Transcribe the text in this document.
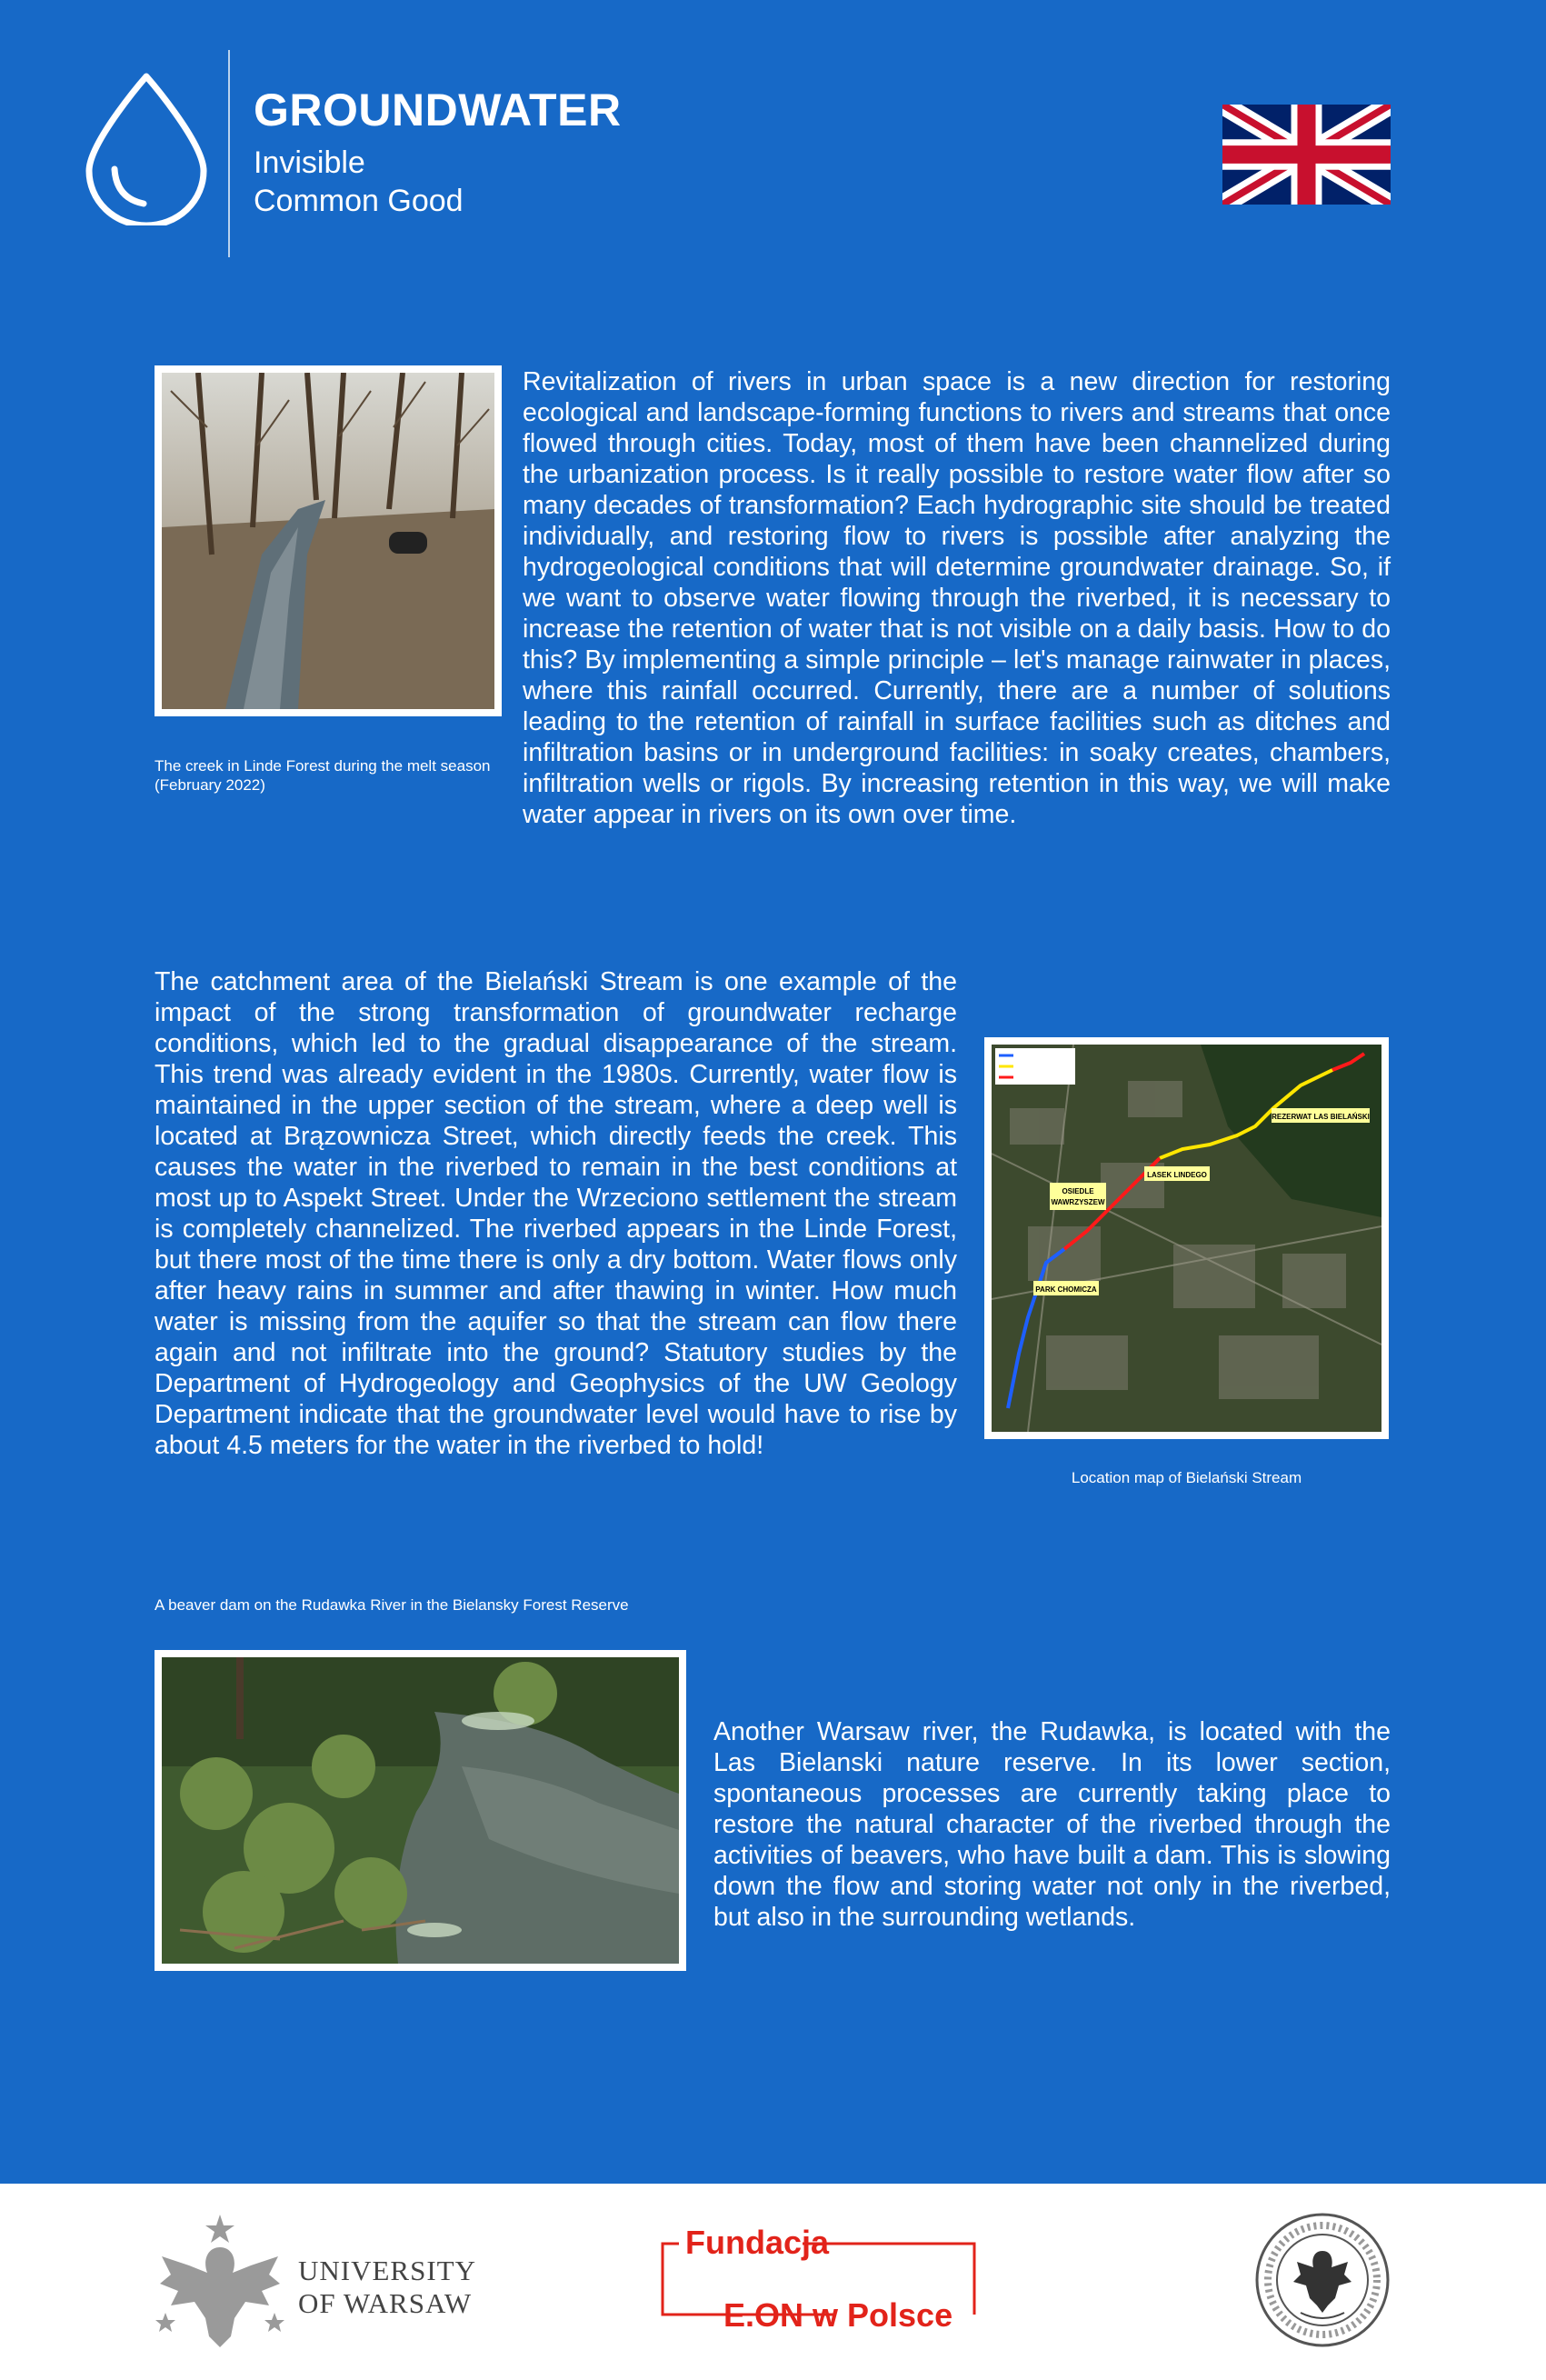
GROUNDWATER
Invisible
Common Good
The creek in Linde Forest during the melt season (February 2022)
Revitalization of rivers in urban space is a new direction for restoring ecological and landscape-forming functions to rivers and streams that once flowed through cities. Today, most of them have been channelized during the urbanization process. Is it really possible to restore water flow after so many decades of transformation? Each hydrographic site should be treated individually, and restoring flow to rivers is possible after analyzing the hydrogeological conditions that will determine groundwater drainage. So, if we want to observe water flowing through the riverbed, it is necessary to increase the retention of water that is not visible on a daily basis. How to do this? By implementing a simple principle – let's manage rainwater in places, where this rainfall occurred. Currently, there are a number of solutions leading to the retention of rainfall in surface facilities such as ditches and infiltration basins or in underground facilities: in soaky creates, chambers, infiltration wells or rigols. By increasing retention in this way, we will make water appear in rivers on its own over time.
The catchment area of the Bielański Stream is one example of the impact of the strong transformation of groundwater recharge conditions, which led to the gradual disappearance of the stream. This trend was already evident in the 1980s. Currently, water flow is maintained in the upper section of the stream, where a deep well is located at Brązownicza Street, which directly feeds the creek. This causes the water in the riverbed to remain in the best conditions at most up to Aspekt Street. Under the Wrzeciono settlement the stream is completely channelized. The riverbed appears in the Linde Forest, but there most of the time there is only a dry bottom. Water flows only after heavy rains in summer and after thawing in winter. How much water is missing from the aquifer so that the stream can flow there again and not infiltrate into the ground? Statutory studies by the Department of Hydrogeology and Geophysics of the UW Geology Department indicate that the groundwater level would have to rise by about 4.5 meters for the water in the riverbed to hold!
REZERWAT LAS BIELAŃSKI
LASEK LINDEGO
OSIEDLE
WAWRZYSZEW
PARK CHOMICZA
Location map of Bielański Stream
A beaver dam on the Rudawka River in the Bielansky Forest Reserve
Another Warsaw river, the Rudawka, is located with the Las Bielanski nature reserve. In its lower section, spontaneous processes are currently taking place to restore the natural character of the riverbed through the activities of beavers, who have built a dam. This is slowing down the flow and storing water not only in the riverbed, but also in the surrounding wetlands.
UNIVERSITY
OF WARSAW
Fundacja
E.ON w Polsce
